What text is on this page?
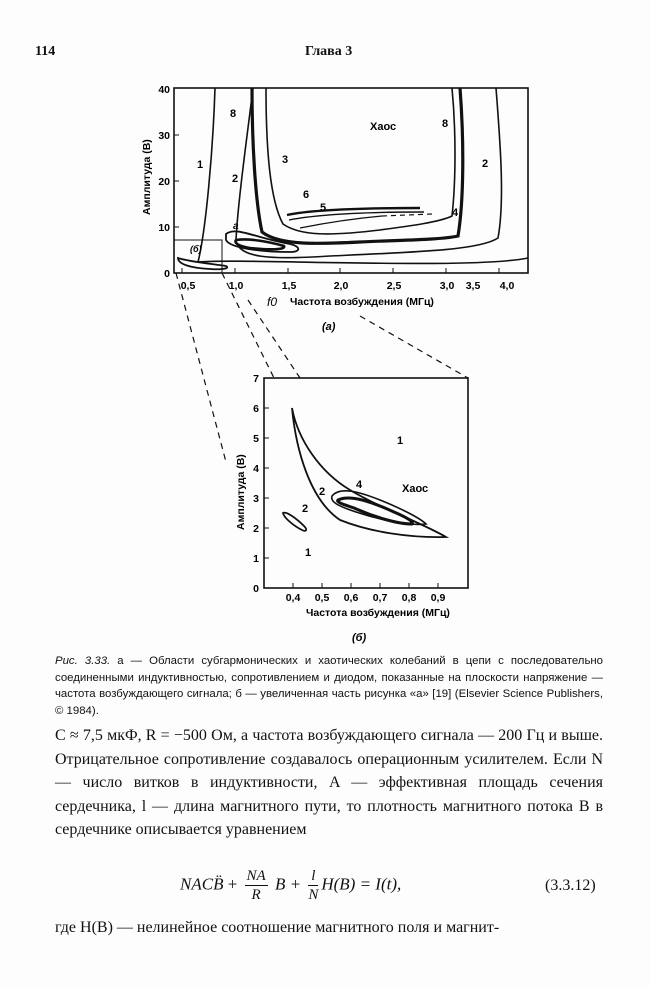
114	Глава 3
0
10
20
30
40
0,5	1,0	1,5	2,0	2,5	3,0 3,5 4,0
f0 Частота возбуждения (МГц)
Амплитуда (В)
(а)
1
2
3
6
5	4
8
8
2
а
Хаос
(б)
0
1
2
3
4
5
6
7
0,4 0,5 0,6 0,7 0,8 0,9
Частота возбуждения (МГц)
Амплитуда (В)
(б)
1
2
4
2
1
Хаос
Рис. 3.33. а — Области субгармонических и хаотических колебаний в цепи с последовательно соединенными индуктивностью, сопротивлением и диодом, показанные на плоскости напряжение — частота возбуждающего сигнала; б — увеличенная часть рисунка «а» [19] (Elsevier Science Publishers, © 1984).
C ≈ 7,5 мкФ, R = −500 Ом, а частота возбуждающего сигнала — 200 Гц и выше. Отрицательное сопротивление создавалось операционным усилителем. Если N — число витков в индуктивности, A — эффективная площадь сечения сердечника, l — длина магнитного пути, то плотность магнитного потока B в сердечнике описывается уравнением
NACB̈ + $\frac{NA}{R}$ $B + \frac{l}{N} H(B) = I(t)$,	(3.3.12)
где H(B) — нелинейное соотношение магнитного поля и магнит-
